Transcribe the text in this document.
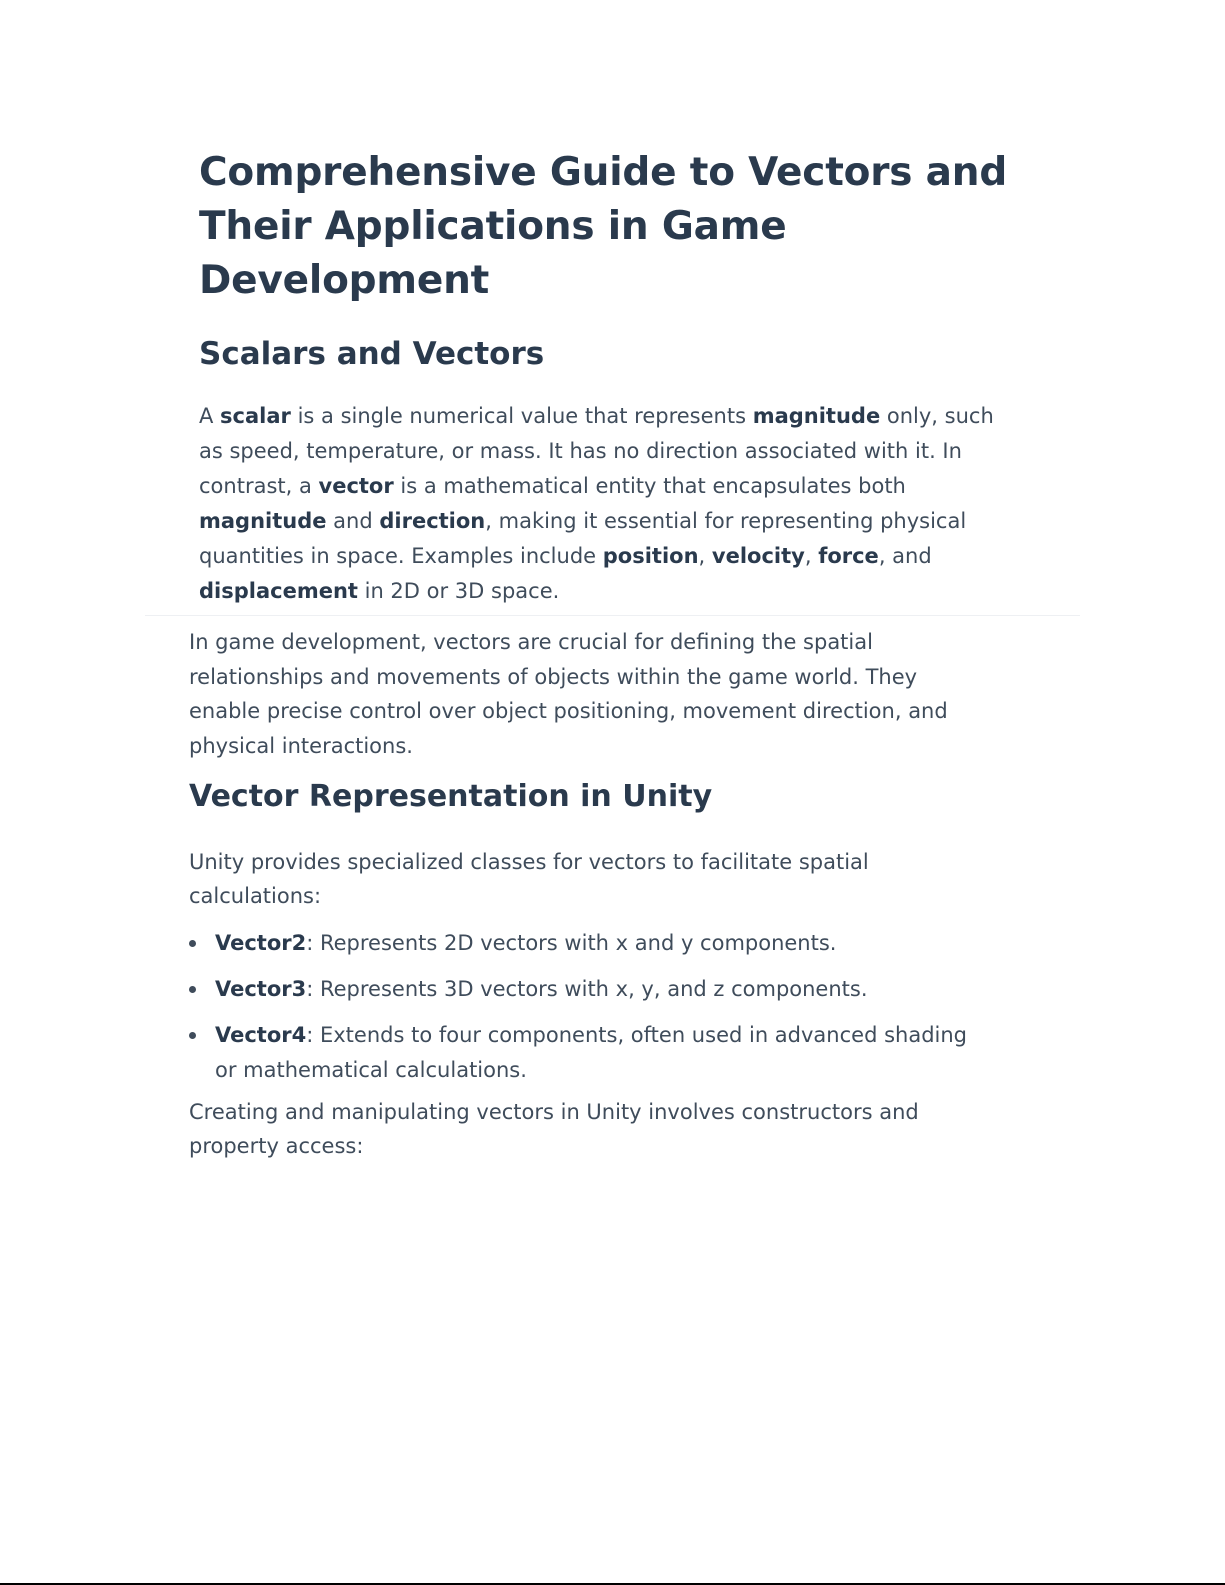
Comprehensive Guide to Vectors and Their Applications in Game Development
Scalars and Vectors

A scalar is a single numerical value that represents magnitude only, such as speed, temperature, or mass. It has no direction associated with it. In contrast, a vector is a mathematical entity that encapsulates both magnitude and direction, making it essential for representing physical quantities in space. Examples include position, velocity, force, and displacement in 2D or 3D space.

In game development, vectors are crucial for defining the spatial relationships and movements of objects within the game world. They enable precise control over object positioning, movement direction, and physical interactions.

Vector Representation in Unity

Unity provides specialized classes for vectors to facilitate spatial calculations:

Vector2: Represents 2D vectors with x and y components.
Vector3: Represents 3D vectors with x, y, and z components.
Vector4: Extends to four components, often used in advanced shading or mathematical calculations.

Creating and manipulating vectors in Unity involves constructors and property access:
